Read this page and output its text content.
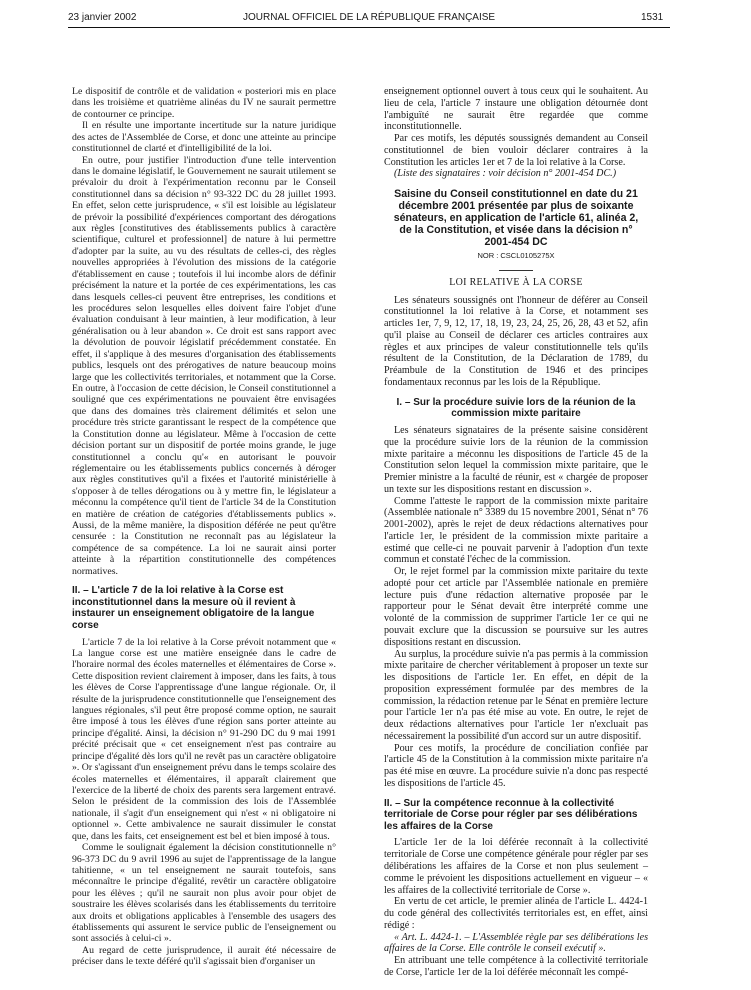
23 janvier 2002	JOURNAL OFFICIEL DE LA RÉPUBLIQUE FRANÇAISE	1531

Le dispositif de contrôle et de validation « posteriori mis en place dans les troisième et quatrième alinéas du IV ne saurait permettre de contourner ce principe.

Il en résulte une importante incertitude sur la nature juridique des actes de l'Assemblée de Corse, et donc une atteinte au principe constitutionnel de clarté et d'intelligibilité de la loi.

En outre, pour justifier l'introduction d'une telle intervention dans le domaine législatif, le Gouvernement ne saurait utilement se prévaloir du droit à l'expérimentation reconnu par le Conseil constitutionnel dans sa décision n° 93-322 DC du 28 juillet 1993. En effet, selon cette jurisprudence, « s'il est loisible au législateur de prévoir la possibilité d'expériences comportant des dérogations aux règles [constitutives des établissements publics à caractère scientifique, culturel et professionnel] de nature à lui permettre d'adopter par la suite, au vu des résultats de celles-ci, des règles nouvelles appropriées à l'évolution des missions de la catégorie d'établissement en cause ; toutefois il lui incombe alors de définir précisément la nature et la portée de ces expérimentations, les cas dans lesquels celles-ci peuvent être entreprises, les conditions et les procédures selon lesquelles elles doivent faire l'objet d'une évaluation conduisant à leur maintien, à leur modification, à leur généralisation ou à leur abandon ». Ce droit est sans rapport avec la dévolution de pouvoir législatif précédemment constatée. En effet, il s'applique à des mesures d'organisation des établissements publics, lesquels ont des prérogatives de nature beaucoup moins large que les collectivités territoriales, et notamment que la Corse. En outre, à l'occasion de cette décision, le Conseil constitutionnel a souligné que ces expérimentations ne pouvaient être envisagées que dans des domaines très clairement délimités et selon une procédure très stricte garantissant le respect de la compétence que la Constitution donne au législateur. Même à l'occasion de cette décision portant sur un dispositif de portée moins grande, le juge constitutionnel a conclu qu'« en autorisant le pouvoir réglementaire ou les établissements publics concernés à déroger aux règles constitutives qu'il a fixées et l'autorité ministérielle à s'opposer à de telles dérogations ou à y mettre fin, le législateur a méconnu la compétence qu'il tient de l'article 34 de la Constitution en matière de création de catégories d'établissements publics ». Aussi, de la même manière, la disposition déférée ne peut qu'être censurée : la Constitution ne reconnaît pas au législateur la compétence de sa compétence. La loi ne saurait ainsi porter atteinte à la répartition constitutionnelle des compétences normatives.

II. – L'article 7 de la loi relative à la Corse est inconstitutionnel dans la mesure où il revient à instaurer un enseignement obligatoire de la langue corse

L'article 7 de la loi relative à la Corse prévoit notamment que « La langue corse est une matière enseignée dans le cadre de l'horaire normal des écoles maternelles et élémentaires de Corse ». Cette disposition revient clairement à imposer, dans les faits, à tous les élèves de Corse l'apprentissage d'une langue régionale. Or, il résulte de la jurisprudence constitutionnelle que l'enseignement des langues régionales, s'il peut être proposé comme option, ne saurait être imposé à tous les élèves d'une région sans porter atteinte au principe d'égalité. Ainsi, la décision n° 91-290 DC du 9 mai 1991 précité précisait que « cet enseignement n'est pas contraire au principe d'égalité dès lors qu'il ne revêt pas un caractère obligatoire ». Or s'agissant d'un enseignement prévu dans le temps scolaire des écoles maternelles et élémentaires, il apparaît clairement que l'exercice de la liberté de choix des parents sera largement entravé. Selon le président de la commission des lois de l'Assemblée nationale, il s'agit d'un enseignement qui n'est « ni obligatoire ni optionnel ». Cette ambivalence ne saurait dissimuler le constat que, dans les faits, cet enseignement est bel et bien imposé à tous.

Comme le soulignait également la décision constitutionnelle n° 96-373 DC du 9 avril 1996 au sujet de l'apprentissage de la langue tahitienne, « un tel enseignement ne saurait toutefois, sans méconnaître le principe d'égalité, revêtir un caractère obligatoire pour les élèves ; qu'il ne saurait non plus avoir pour objet de soustraire les élèves scolarisés dans les établissements du territoire aux droits et obligations applicables à l'ensemble des usagers des établissements qui assurent le service public de l'enseignement ou sont associés à celui-ci ».

Au regard de cette jurisprudence, il aurait été nécessaire de préciser dans le texte déféré qu'il s'agissait bien d'organiser un

enseignement optionnel ouvert à tous ceux qui le souhaitent. Au lieu de cela, l'article 7 instaure une obligation détournée dont l'ambiguïté ne saurait être regardée que comme inconstitutionnelle.

Par ces motifs, les députés soussignés demandent au Conseil constitutionnel de bien vouloir déclarer contraires à la Constitution les articles 1er et 7 de la loi relative à la Corse.

(Liste des signataires : voir décision n° 2001-454 DC.)

Saisine du Conseil constitutionnel en date du 21 décembre 2001 présentée par plus de soixante sénateurs, en application de l'article 61, alinéa 2, de la Constitution, et visée dans la décision n° 2001-454 DC
NOR : CSCL0105275X
LOI RELATIVE À LA CORSE

Les sénateurs soussignés ont l'honneur de déférer au Conseil constitutionnel la loi relative à la Corse, et notamment ses articles 1er, 7, 9, 12, 17, 18, 19, 23, 24, 25, 26, 28, 43 et 52, afin qu'il plaise au Conseil de déclarer ces articles contraires aux règles et aux principes de valeur constitutionnelle tels qu'ils résultent de la Constitution, de la Déclaration de 1789, du Préambule de la Constitution de 1946 et des principes fondamentaux reconnus par les lois de la République.

I. – Sur la procédure suivie lors de la réunion de la commission mixte paritaire

Les sénateurs signataires de la présente saisine considèrent que la procédure suivie lors de la réunion de la commission mixte paritaire a méconnu les dispositions de l'article 45 de la Constitution selon lequel la commission mixte paritaire, que le Premier ministre a la faculté de réunir, est « chargée de proposer un texte sur les dispositions restant en discussion ».

Comme l'atteste le rapport de la commission mixte paritaire (Assemblée nationale n° 3389 du 15 novembre 2001, Sénat n° 76 2001-2002), après le rejet de deux rédactions alternatives pour l'article 1er, le président de la commission mixte paritaire a estimé que celle-ci ne pouvait parvenir à l'adoption d'un texte commun et constaté l'échec de la commission.

Or, le rejet formel par la commission mixte paritaire du texte adopté pour cet article par l'Assemblée nationale en première lecture puis d'une rédaction alternative proposée par le rapporteur pour le Sénat devait être interprété comme une volonté de la commission de supprimer l'article 1er ce qui ne pouvait exclure que la discussion se poursuive sur les autres dispositions restant en discussion.

Au surplus, la procédure suivie n'a pas permis à la commission mixte paritaire de chercher véritablement à proposer un texte sur les dispositions de l'article 1er. En effet, en dépit de la proposition expressément formulée par des membres de la commission, la rédaction retenue par le Sénat en première lecture pour l'article 1er n'a pas été mise au vote. En outre, le rejet de deux rédactions alternatives pour l'article 1er n'excluait pas nécessairement la possibilité d'un accord sur un autre dispositif.

Pour ces motifs, la procédure de conciliation confiée par l'article 45 de la Constitution à la commission mixte paritaire n'a pas été mise en œuvre. La procédure suivie n'a donc pas respecté les dispositions de l'article 45.

II. – Sur la compétence reconnue à la collectivité territoriale de Corse pour régler par ses délibérations les affaires de la Corse

L'article 1er de la loi déférée reconnaît à la collectivité territoriale de Corse une compétence générale pour régler par ses délibérations les affaires de la Corse et non plus seulement – comme le prévoient les dispositions actuellement en vigueur – « les affaires de la collectivité territoriale de Corse ».

En vertu de cet article, le premier alinéa de l'article L. 4424-1 du code général des collectivités territoriales est, en effet, ainsi rédigé :

« Art. L. 4424-1. – L'Assemblée règle par ses délibérations les affaires de la Corse. Elle contrôle le conseil exécutif ».

En attribuant une telle compétence à la collectivité territoriale de Corse, l'article 1er de la loi déférée méconnaît les compé-
